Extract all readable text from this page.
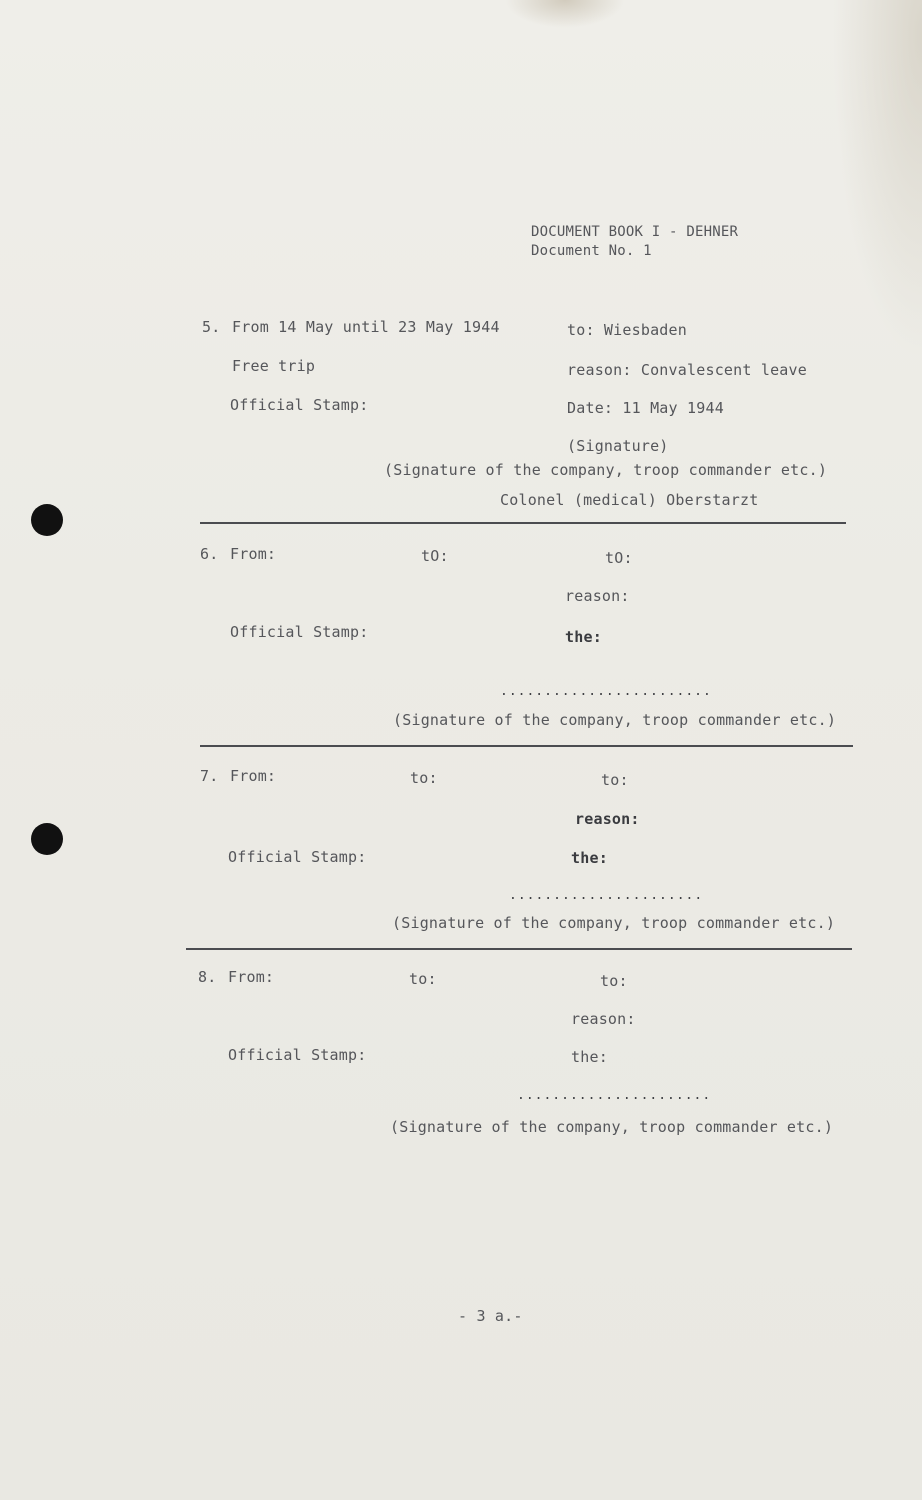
DOCUMENT BOOK I - DEHNER
Document No. 1
5. From 14 May until 23 May 1944	to: Wiesbaden
Free trip	reason: Convalescent leave
Official Stamp:	Date: 11 May 1944
(Signature)
(Signature of the company, troop commander etc.)
Colonel (medical) Oberstarzt
6. From:	tO:	tO:
reason:
Official Stamp:	the:
........................
(Signature of the company, troop commander etc.)
7. From:	to:	to:
reason:
Official Stamp:	the:
......................
(Signature of the company, troop commander etc.)
8. From:	to:	to:
reason:
Official Stamp:	the:
......................
(Signature of the company, troop commander etc.)
- 3 a.-
